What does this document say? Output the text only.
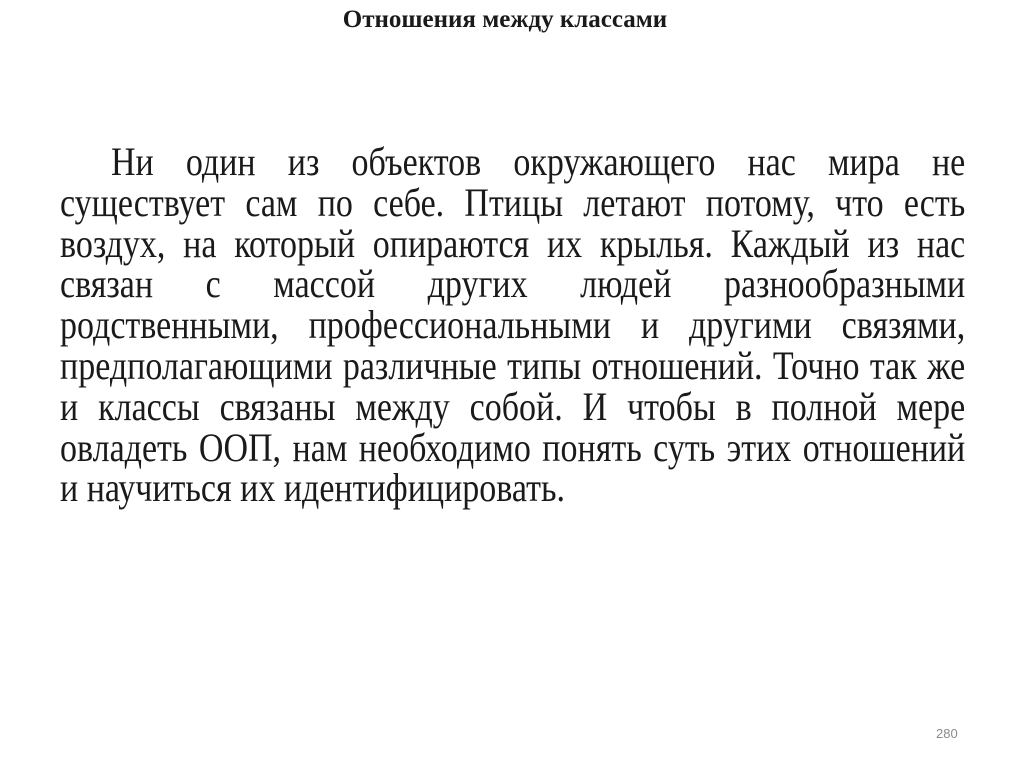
Отношения между классами
Ни один из объектов окружающего нас мира не
существует сам по себе. Птицы летают потому, что есть
воздух, на который опираются их крылья. Каждый из нас
связан с массой других людей разнообразными
родственными, профессиональными и другими связями,
предполагающими различные типы отношений. Точно так же
и классы связаны между собой. И чтобы в полной мере
овладеть ООП, нам необходимо понять суть этих отношений
и научиться их идентифицировать.
280
